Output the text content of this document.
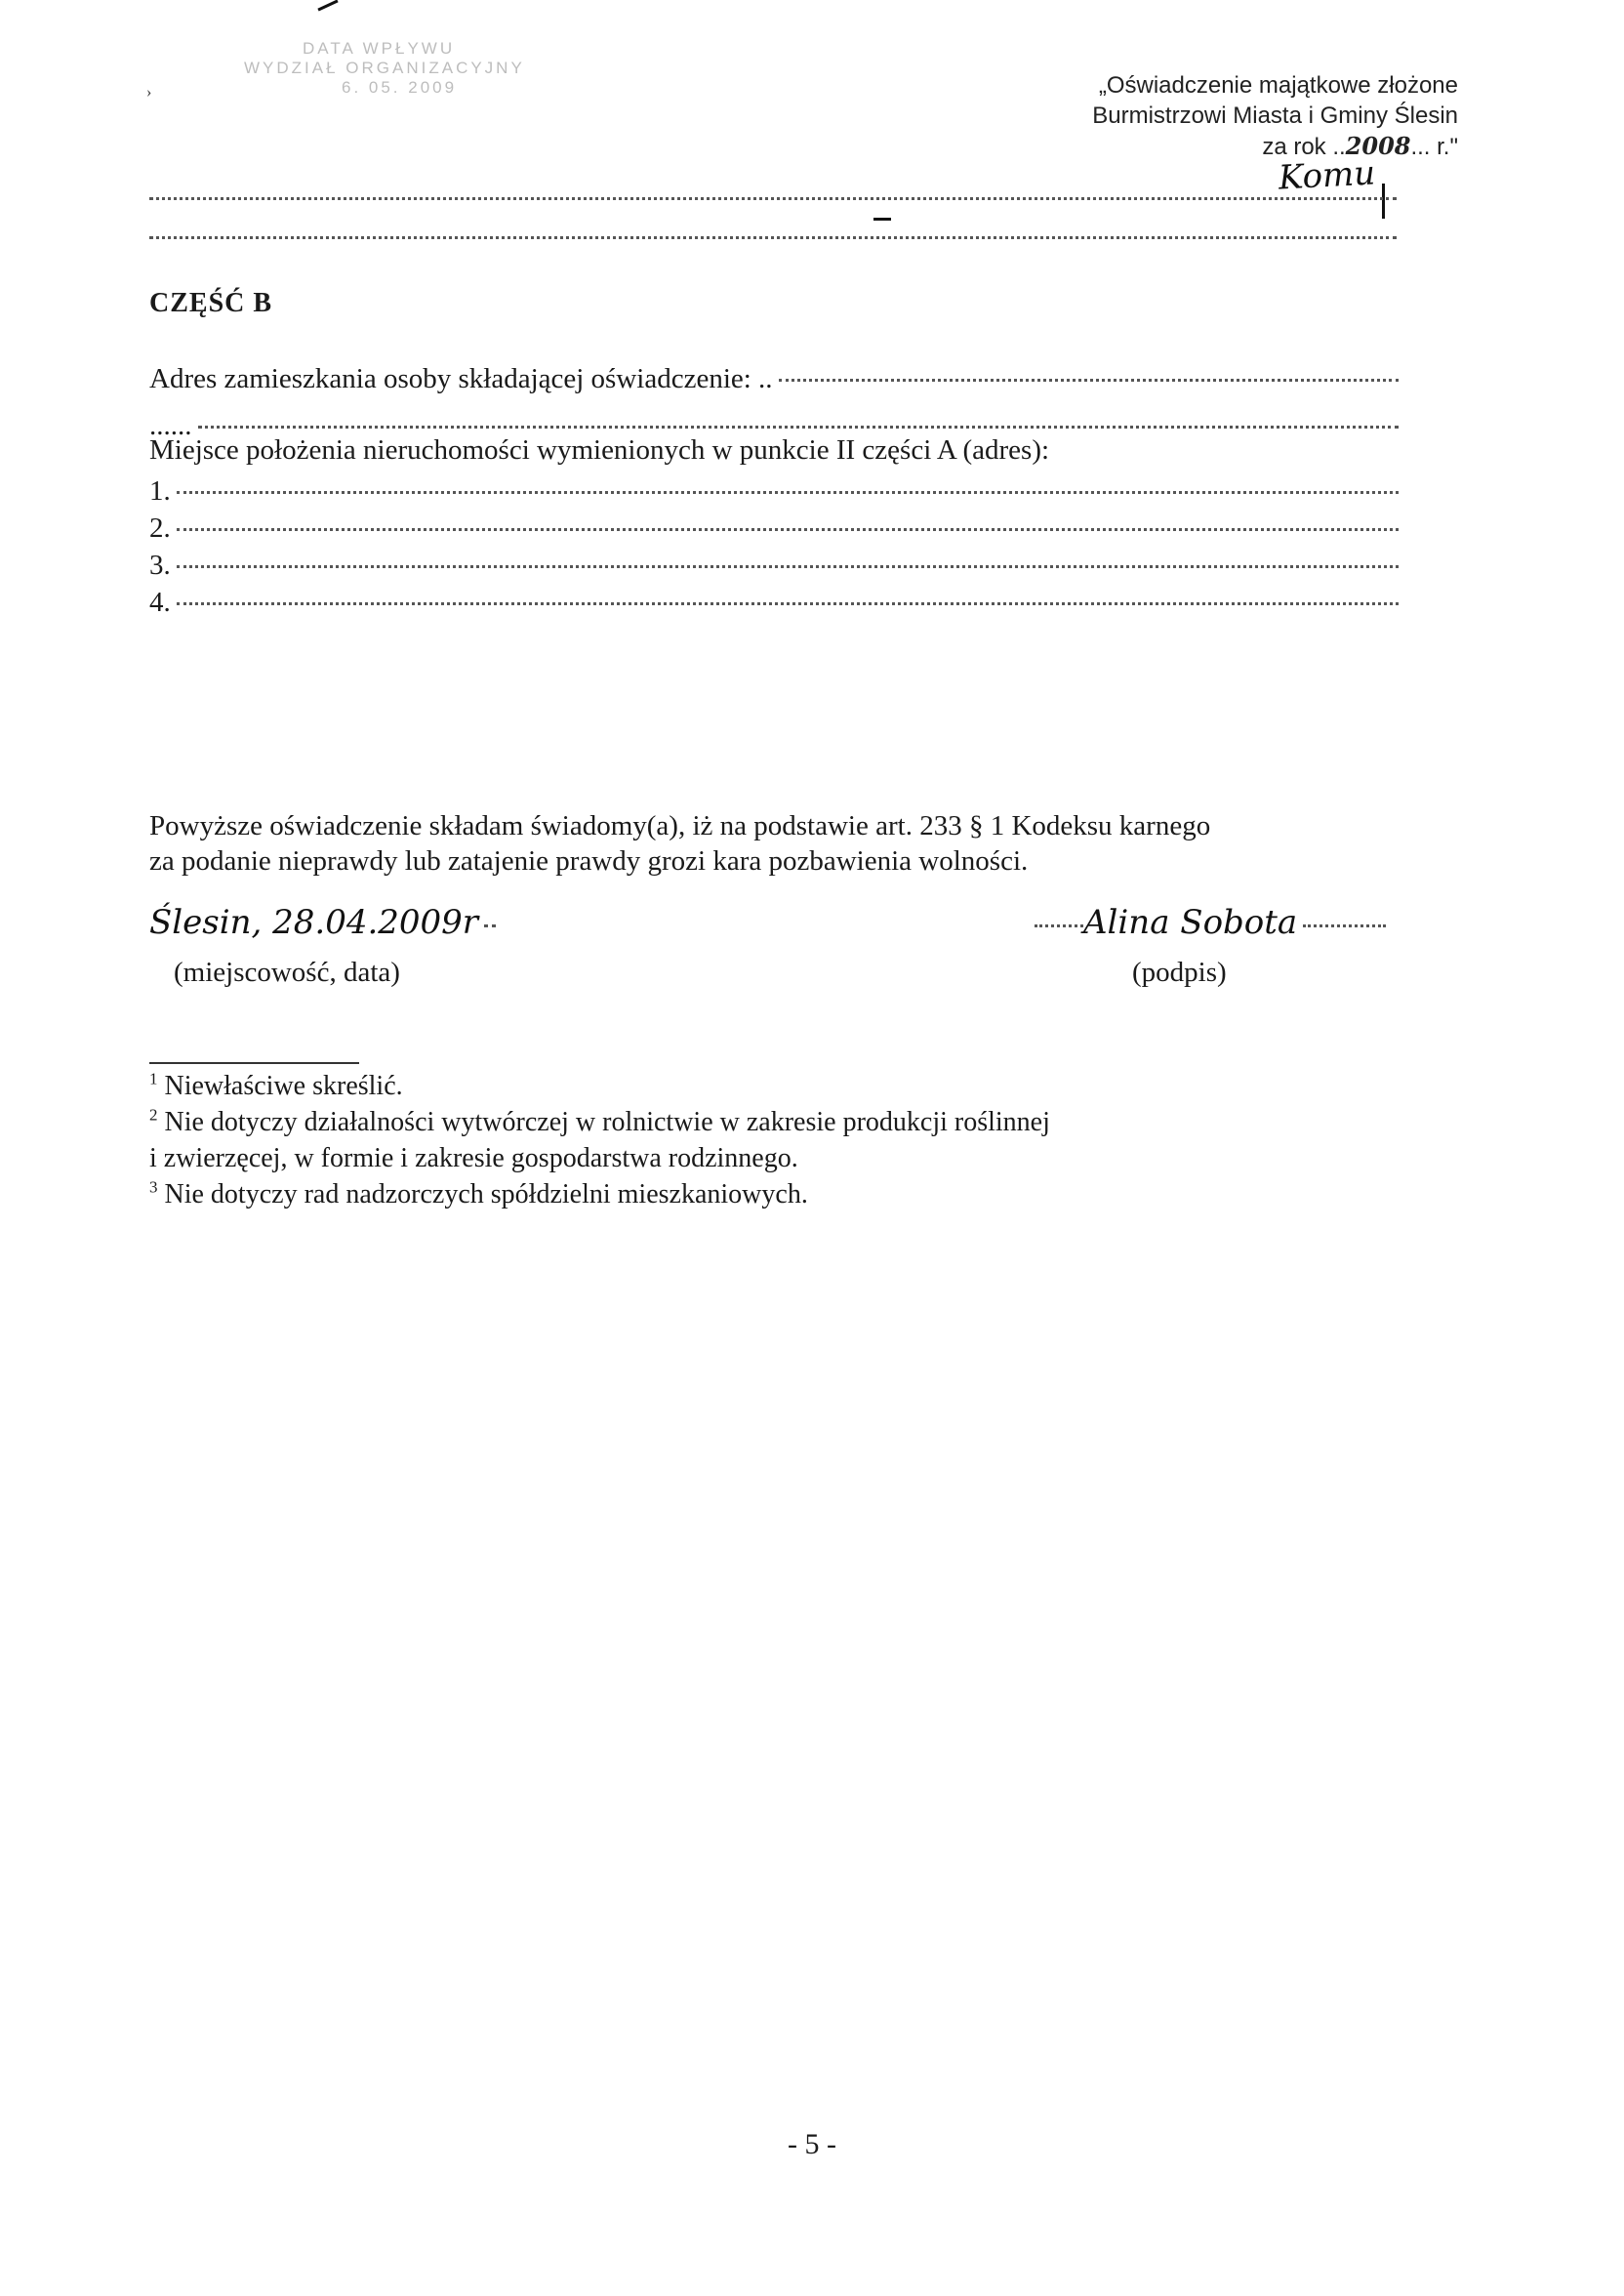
›
DATA WPŁYWU
WYDZIAŁ ORGANIZACYJNY
6. 05. 2009	„Oświadczenie majątkowe złożone
Burmistrzowi Miasta i Gminy Ślesin
za rok ..2008... r."
Komu
CZĘŚĆ B
Adres zamieszkania osoby składającej oświadczenie: ..
......
Miejsce położenia nieruchomości wymienionych w punkcie II części A (adres):
1.
2.
3.
4.
Powyższe oświadczenie składam świadomy(a), iż na podstawie art. 233 § 1 Kodeksu karnego
za podanie nieprawdy lub zatajenie prawdy grozi kara pozbawienia wolności.
Ślesin, 28.04.2009r
(miejscowość, data)
Alina Sobota
(podpis)
$^1$ Niewłaściwe skreślić.
$^2$ Nie dotyczy działalności wytwórczej w rolnictwie w zakresie produkcji roślinnej
i zwierzęcej, w formie i zakresie gospodarstwa rodzinnego.
$^3$ Nie dotyczy rad nadzorczych spółdzielni mieszkaniowych.
- 5 -
